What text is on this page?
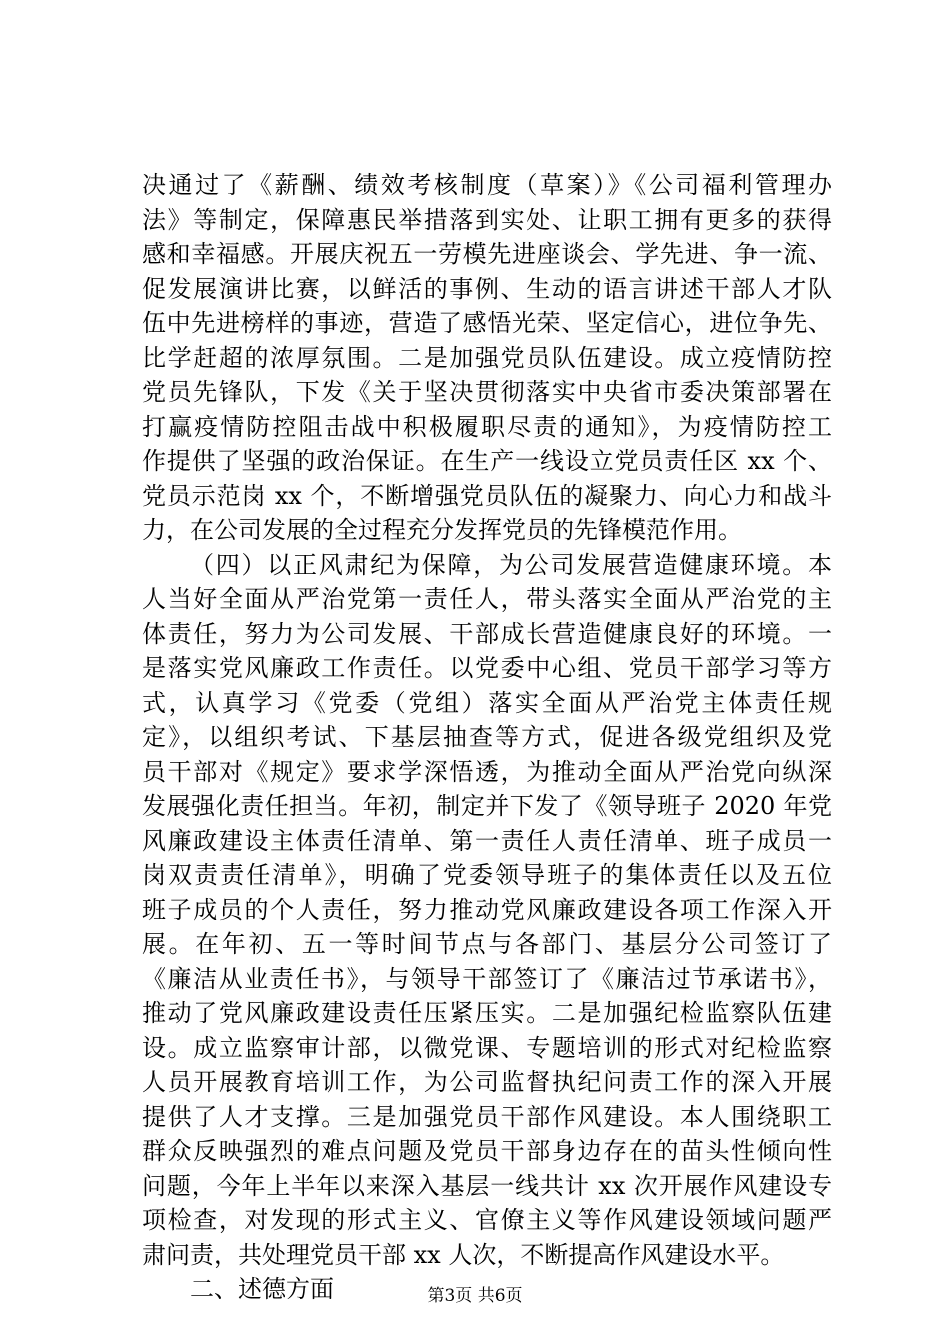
决通过了《薪酬、绩效考核制度（草案）》《公司福利管理办
法》等制定，保障惠民举措落到实处、让职工拥有更多的获得
感和幸福感。开展庆祝五一劳模先进座谈会、学先进、争一流、
促发展演讲比赛，以鲜活的事例、生动的语言讲述干部人才队
伍中先进榜样的事迹，营造了感悟光荣、坚定信心，进位争先、
比学赶超的浓厚氛围。二是加强党员队伍建设。成立疫情防控
党员先锋队，下发《关于坚决贯彻落实中央省市委决策部署在
打赢疫情防控阻击战中积极履职尽责的通知》，为疫情防控工
作提供了坚强的政治保证。在生产一线设立党员责任区 xx 个、
党员示范岗 xx 个，不断增强党员队伍的凝聚力、向心力和战斗
力，在公司发展的全过程充分发挥党员的先锋模范作用。
（四）以正风肃纪为保障，为公司发展营造健康环境。本
人当好全面从严治党第一责任人，带头落实全面从严治党的主
体责任，努力为公司发展、干部成长营造健康良好的环境。一
是落实党风廉政工作责任。以党委中心组、党员干部学习等方
式，认真学习《党委（党组）落实全面从严治党主体责任规
定》，以组织考试、下基层抽查等方式，促进各级党组织及党
员干部对《规定》要求学深悟透，为推动全面从严治党向纵深
发展强化责任担当。年初，制定并下发了《领导班子 2020 年党
风廉政建设主体责任清单、第一责任人责任清单、班子成员一
岗双责责任清单》，明确了党委领导班子的集体责任以及五位
班子成员的个人责任，努力推动党风廉政建设各项工作深入开
展。在年初、五一等时间节点与各部门、基层分公司签订了
《廉洁从业责任书》，与领导干部签订了《廉洁过节承诺书》，
推动了党风廉政建设责任压紧压实。二是加强纪检监察队伍建
设。成立监察审计部，以微党课、专题培训的形式对纪检监察
人员开展教育培训工作，为公司监督执纪问责工作的深入开展
提供了人才支撑。三是加强党员干部作风建设。本人围绕职工
群众反映强烈的难点问题及党员干部身边存在的苗头性倾向性
问题，今年上半年以来深入基层一线共计 xx 次开展作风建设专
项检查，对发现的形式主义、官僚主义等作风建设领域问题严
肃问责，共处理党员干部 xx 人次，不断提高作风建设水平。
二、述德方面	第3页 共6页
